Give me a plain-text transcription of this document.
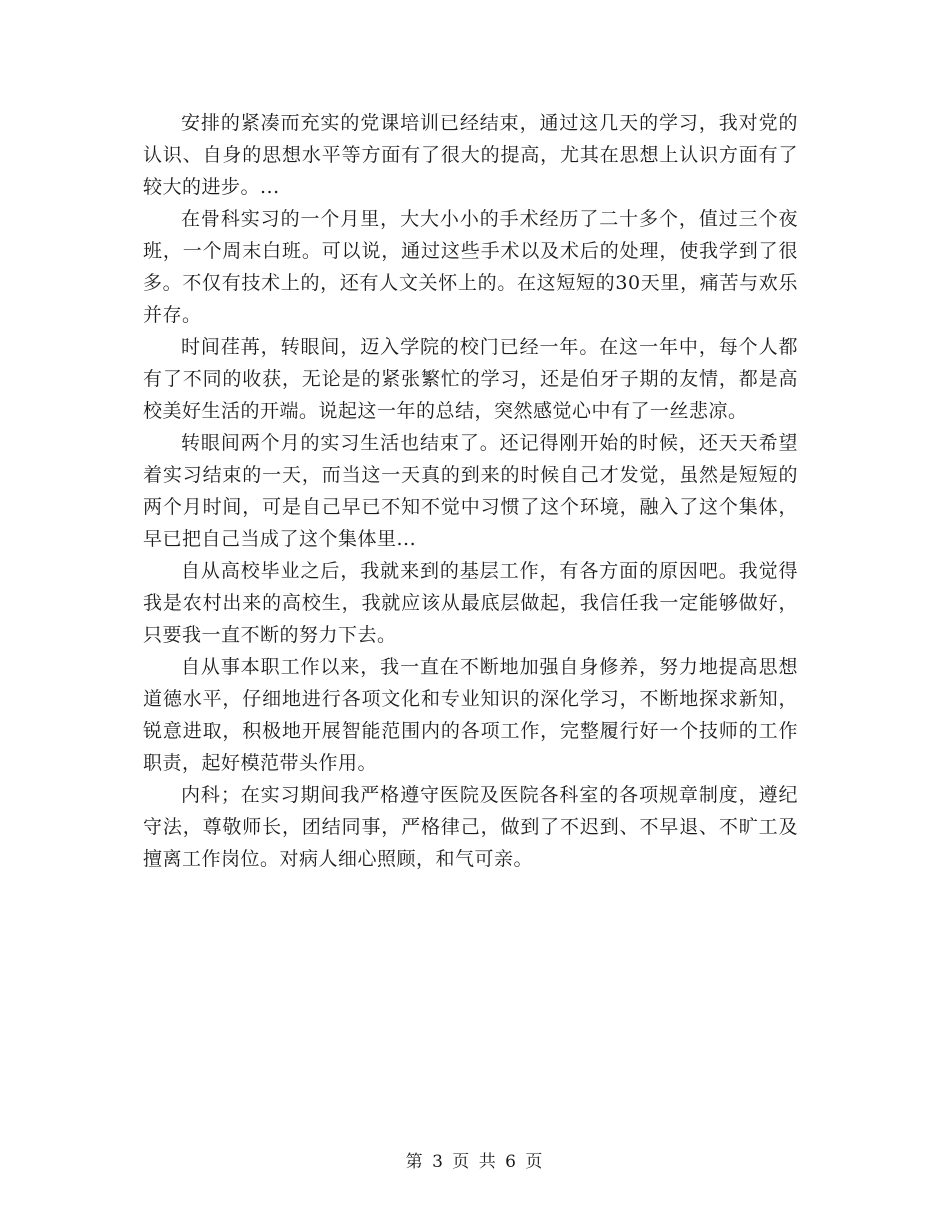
安排的紧凑而充实的党课培训已经结束，通过这几天的学习，我对党的认识、自身的思想水平等方面有了很大的提高，尤其在思想上认识方面有了较大的进步。...

在骨科实习的一个月里，大大小小的手术经历了二十多个，值过三个夜班，一个周末白班。可以说，通过这些手术以及术后的处理，使我学到了很多。不仅有技术上的，还有人文关怀上的。在这短短的30天里，痛苦与欢乐并存。

时间荏苒，转眼间，迈入学院的校门已经一年。在这一年中，每个人都有了不同的收获，无论是的紧张繁忙的学习，还是伯牙子期的友情，都是高校美好生活的开端。说起这一年的总结，突然感觉心中有了一丝悲凉。

转眼间两个月的实习生活也结束了。还记得刚开始的时候，还天天希望着实习结束的一天，而当这一天真的到来的时候自己才发觉，虽然是短短的两个月时间，可是自己早已不知不觉中习惯了这个环境，融入了这个集体，早已把自己当成了这个集体里...

自从高校毕业之后，我就来到的基层工作，有各方面的原因吧。我觉得我是农村出来的高校生，我就应该从最底层做起，我信任我一定能够做好，只要我一直不断的努力下去。

自从事本职工作以来，我一直在不断地加强自身修养，努力地提高思想道德水平，仔细地进行各项文化和专业知识的深化学习，不断地探求新知，锐意进取，积极地开展智能范围内的各项工作，完整履行好一个技师的工作职责，起好模范带头作用。

内科；在实习期间我严格遵守医院及医院各科室的各项规章制度，遵纪守法，尊敬师长，团结同事，严格律己，做到了不迟到、不早退、不旷工及擅离工作岗位。对病人细心照顾，和气可亲。

第 3 页 共 6 页
